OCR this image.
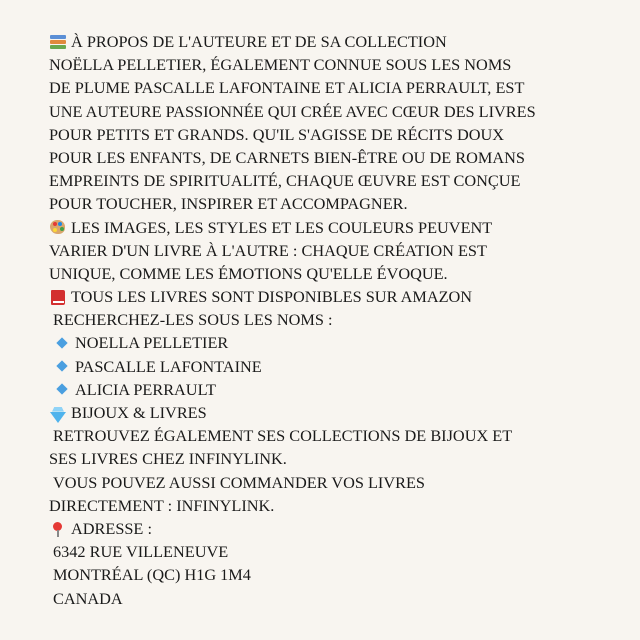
À PROPOS DE L'AUTEURE ET DE SA COLLECTION
NOËLLA PELLETIER, ÉGALEMENT CONNUE SOUS LES NOMS
DE PLUME PASCALLE LAFONTAINE ET ALICIA PERRAULT, EST
UNE AUTEURE PASSIONNÉE QUI CRÉE AVEC CŒUR DES LIVRES
POUR PETITS ET GRANDS. QU'IL S'AGISSE DE RÉCITS DOUX
POUR LES ENFANTS, DE CARNETS BIEN-ÊTRE OU DE ROMANS
EMPREINTS DE SPIRITUALITÉ, CHAQUE ŒUVRE EST CONÇUE
POUR TOUCHER, INSPIRER ET ACCOMPAGNER.
LES IMAGES, LES STYLES ET LES COULEURS PEUVENT
VARIER D'UN LIVRE À L'AUTRE : CHAQUE CRÉATION EST
UNIQUE, COMME LES ÉMOTIONS QU'ELLE ÉVOQUE.
TOUS LES LIVRES SONT DISPONIBLES SUR AMAZON
RECHERCHEZ-LES SOUS LES NOMS :
NOELLA PELLETIER
PASCALLE LAFONTAINE
ALICIA PERRAULT
BIJOUX & LIVRES
RETROUVEZ ÉGALEMENT SES COLLECTIONS DE BIJOUX ET
SES LIVRES CHEZ INFINYLINK.
VOUS POUVEZ AUSSI COMMANDER VOS LIVRES
DIRECTEMENT : INFINYLINK.
ADRESSE :
6342 RUE VILLENEUVE
MONTRÉAL (QC) H1G 1M4
CANADA
